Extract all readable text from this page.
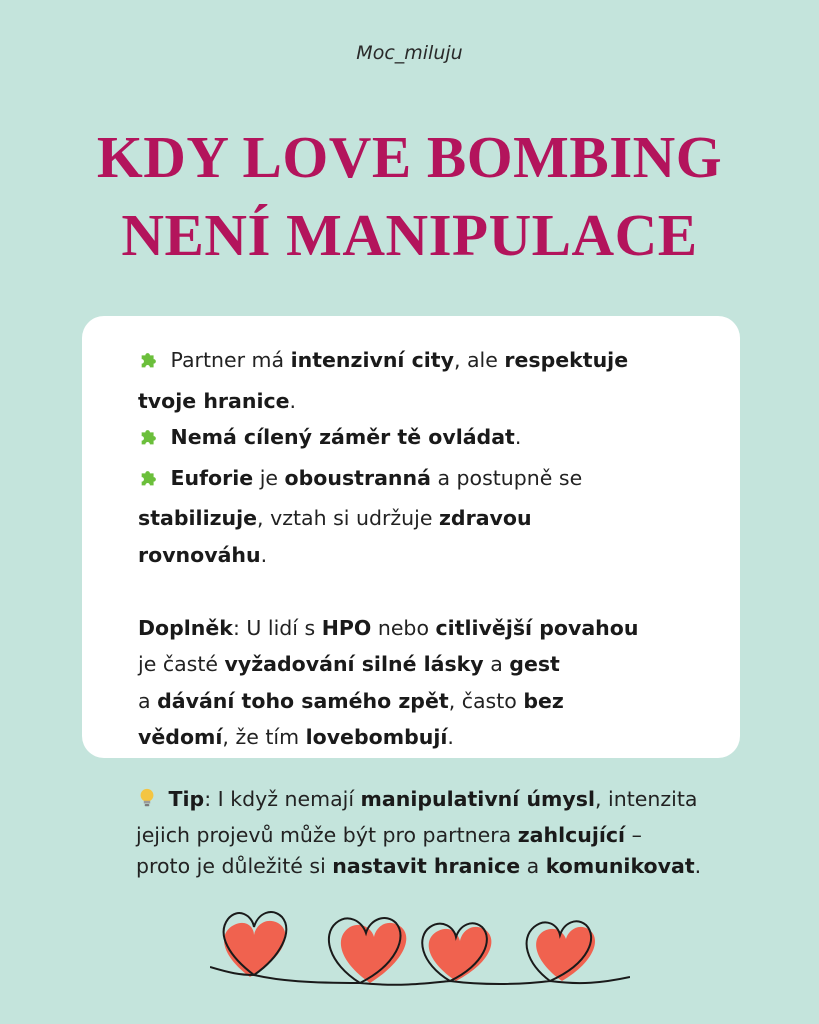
Moc_miluju
KDY LOVE BOMBING
NENÍ MANIPULACE
Partner má intenzivní city, ale respektuje
tvoje hranice.
Nemá cílený záměr tě ovládat.
Euforie je oboustranná a postupně se
stabilizuje, vztah si udržuje zdravou
rovnováhu.
Doplněk: U lidí s HPO nebo citlivější povahou
je časté vyžadování silné lásky a gest
a dávání toho samého zpět, často bez
vědomí, že tím lovebombují.
Tip: I když nemají manipulativní úmysl, intenzita
jejich projevů může být pro partnera zahlcující –
proto je důležité si nastavit hranice a komunikovat.
